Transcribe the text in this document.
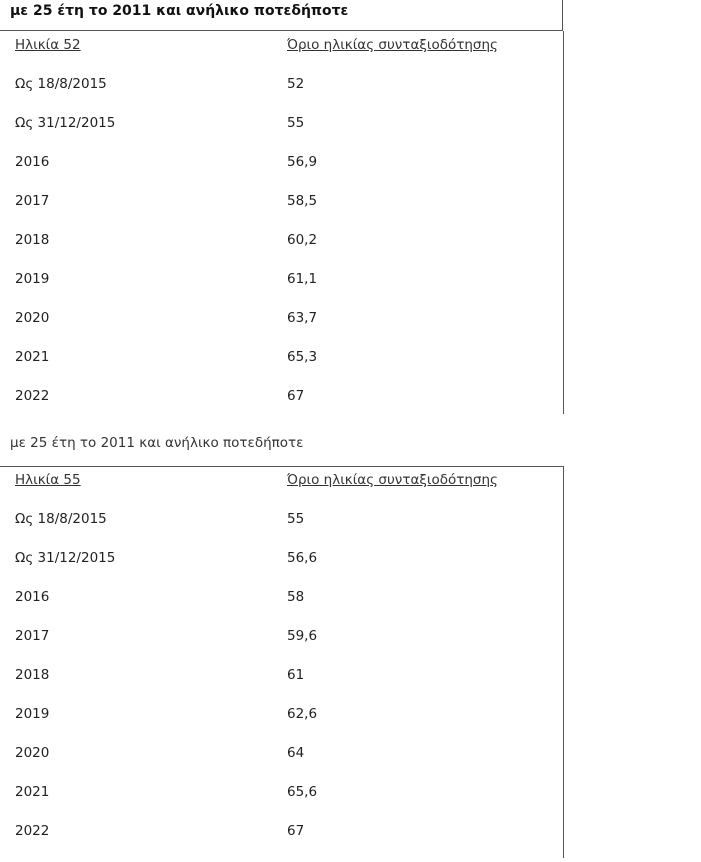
με 25 έτη το 2011 και ανήλικο ποτεδήποτε
Ηλικία 52	Όριο ηλικίας συνταξιοδότησης
Ως 18/8/2015	52
Ως 31/12/2015	55
2016	56,9
2017	58,5
2018	60,2
2019	61,1
2020	63,7
2021	65,3
2022	67
με 25 έτη το 2011 και ανήλικο ποτεδήποτε
Ηλικία 55	Όριο ηλικίας συνταξιοδότησης
Ως 18/8/2015	55
Ως 31/12/2015	56,6
2016	58
2017	59,6
2018	61
2019	62,6
2020	64
2021	65,6
2022	67
